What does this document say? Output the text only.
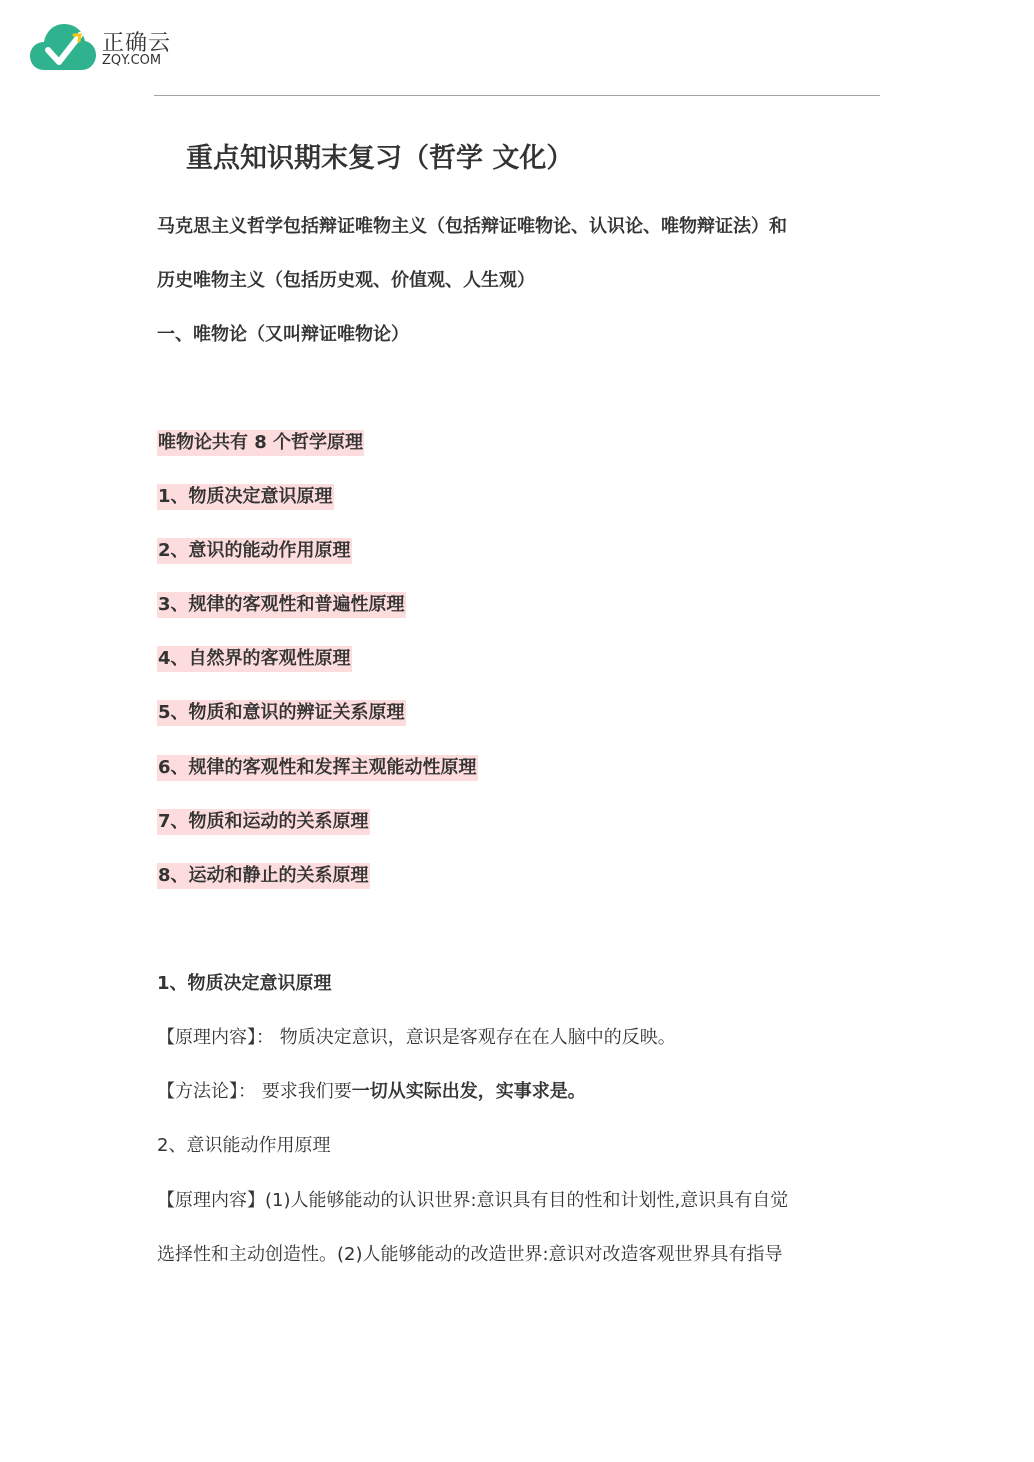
正确云
ZQY.COM
重点知识期末复习（哲学 文化）
马克思主义哲学包括辩证唯物主义（包括辩证唯物论、认识论、唯物辩证法）和
历史唯物主义（包括历史观、价值观、人生观）
一、唯物论（又叫辩证唯物论）
唯物论共有 8 个哲学原理
1、物质决定意识原理
2、意识的能动作用原理
3、规律的客观性和普遍性原理
4、自然界的客观性原理
5、物质和意识的辨证关系原理
6、规律的客观性和发挥主观能动性原理
7、物质和运动的关系原理
8、运动和静止的关系原理
1、物质决定意识原理
【原理内容】： 物质决定意识，意识是客观存在在人脑中的反映。
【方法论】： 要求我们要一切从实际出发，实事求是。
2、意识能动作用原理
【原理内容】(1)人能够能动的认识世界:意识具有目的性和计划性,意识具有自觉
选择性和主动创造性。(2)人能够能动的改造世界:意识对改造客观世界具有指导
